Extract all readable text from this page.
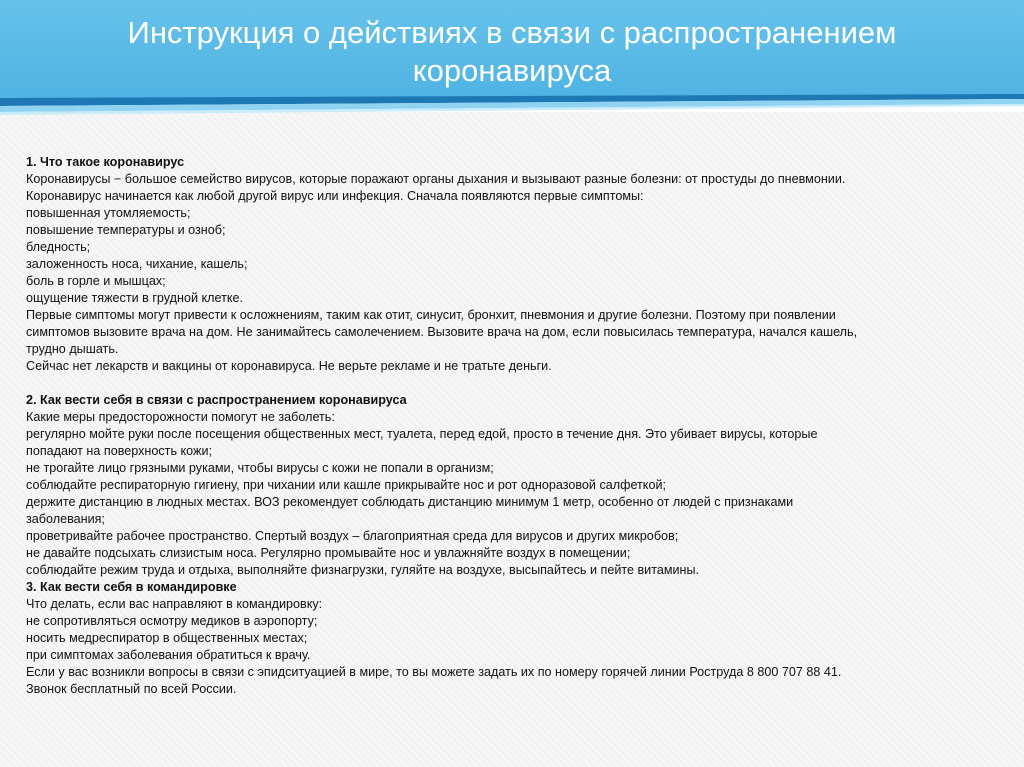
Инструкция о действиях в связи с распространением
коронавируса
1. Что такое коронавирус
Коронавирусы − большое семейство вирусов, которые поражают органы дыхания и вызывают разные болезни: от простуды до пневмонии.
Коронавирус начинается как любой другой вирус или инфекция. Сначала появляются первые симптомы:
повышенная утомляемость;
повышение температуры и озноб;
бледность;
заложенность носа, чихание, кашель;
боль в горле и мышцах;
ощущение тяжести в грудной клетке.
Первые симптомы могут привести к осложнениям, таким как отит, синусит, бронхит, пневмония и другие болезни. Поэтому при появлении
симптомов вызовите врача на дом. Не занимайтесь самолечением. Вызовите врача на дом, если повысилась температура, начался кашель,
трудно дышать.
Сейчас нет лекарств и вакцины от коронавируса. Не верьте рекламе и не тратьте деньги.
2. Как вести себя в связи с распространением коронавируса
Какие меры предосторожности помогут не заболеть:
регулярно мойте руки после посещения общественных мест, туалета, перед едой, просто в течение дня. Это убивает вирусы, которые
попадают на поверхность кожи;
не трогайте лицо грязными руками, чтобы вирусы с кожи не попали в организм;
соблюдайте респираторную гигиену, при чихании или кашле прикрывайте нос и рот одноразовой салфеткой;
держите дистанцию в людных местах. ВОЗ рекомендует соблюдать дистанцию минимум 1 метр, особенно от людей с признаками
заболевания;
проветривайте рабочее пространство. Спертый воздух – благоприятная среда для вирусов и других микробов;
не давайте подсыхать слизистым носа. Регулярно промывайте нос и увлажняйте воздух в помещении;
соблюдайте режим труда и отдыха, выполняйте физнагрузки, гуляйте на воздухе, высыпайтесь и пейте витамины.
3. Как вести себя в командировке
Что делать, если вас направляют в командировку:
не сопротивляться осмотру медиков в аэропорту;
носить медреспиратор в общественных местах;
при симптомах заболевания обратиться к врачу.
Если у вас возникли вопросы в связи с эпидситуацией в мире, то вы можете задать их по номеру горячей линии Роструда 8 800 707 88 41.
Звонок бесплатный по всей России.
